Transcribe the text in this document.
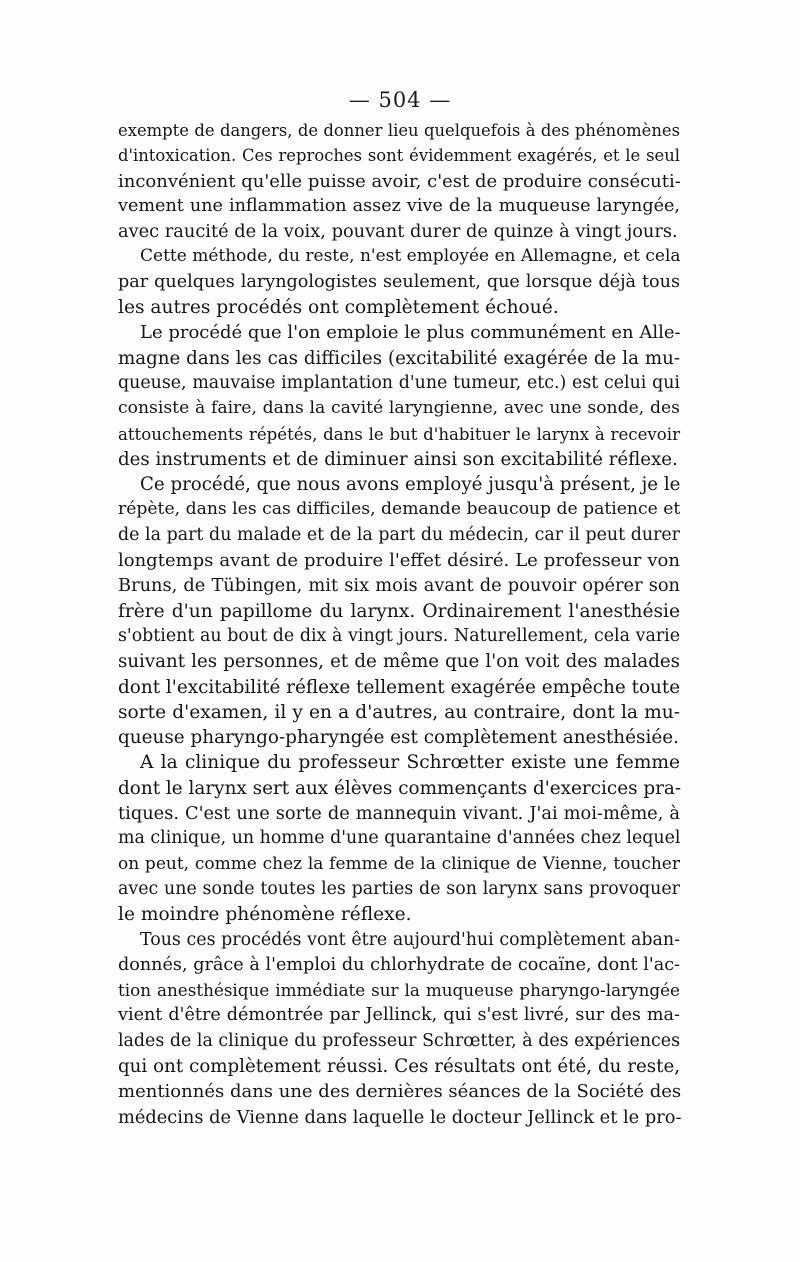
— 504 —
exempte de dangers, de donner lieu quelquefois à des phénomènes
d'intoxication. Ces reproches sont évidemment exagérés, et le seul
inconvénient qu'elle puisse avoir, c'est de produire consécuti-
vement une inflammation assez vive de la muqueuse laryngée,
avec raucité de la voix, pouvant durer de quinze à vingt jours.
Cette méthode, du reste, n'est employée en Allemagne, et cela
par quelques laryngologistes seulement, que lorsque déjà tous
les autres procédés ont complètement échoué.
Le procédé que l'on emploie le plus communément en Alle-
magne dans les cas difficiles (excitabilité exagérée de la mu-
queuse, mauvaise implantation d'une tumeur, etc.) est celui qui
consiste à faire, dans la cavité laryngienne, avec une sonde, des
attouchements répétés, dans le but d'habituer le larynx à recevoir
des instruments et de diminuer ainsi son excitabilité réflexe.
Ce procédé, que nous avons employé jusqu'à présent, je le
répète, dans les cas difficiles, demande beaucoup de patience et
de la part du malade et de la part du médecin, car il peut durer
longtemps avant de produire l'effet désiré. Le professeur von
Bruns, de Tübingen, mit six mois avant de pouvoir opérer son
frère d'un papillome du larynx. Ordinairement l'anesthésie
s'obtient au bout de dix à vingt jours. Naturellement, cela varie
suivant les personnes, et de même que l'on voit des malades
dont l'excitabilité réflexe tellement exagérée empêche toute
sorte d'examen, il y en a d'autres, au contraire, dont la mu-
queuse pharyngo-pharyngée est complètement anesthésiée.
A la clinique du professeur Schrœtter existe une femme
dont le larynx sert aux élèves commençants d'exercices pra-
tiques. C'est une sorte de mannequin vivant. J'ai moi-même, à
ma clinique, un homme d'une quarantaine d'années chez lequel
on peut, comme chez la femme de la clinique de Vienne, toucher
avec une sonde toutes les parties de son larynx sans provoquer
le moindre phénomène réflexe.
Tous ces procédés vont être aujourd'hui complètement aban-
donnés, grâce à l'emploi du chlorhydrate de cocaïne, dont l'ac-
tion anesthésique immédiate sur la muqueuse pharyngo-laryngée
vient d'être démontrée par Jellinck, qui s'est livré, sur des ma-
lades de la clinique du professeur Schrœtter, à des expériences
qui ont complètement réussi. Ces résultats ont été, du reste,
mentionnés dans une des dernières séances de la Société des
médecins de Vienne dans laquelle le docteur Jellinck et le pro-
